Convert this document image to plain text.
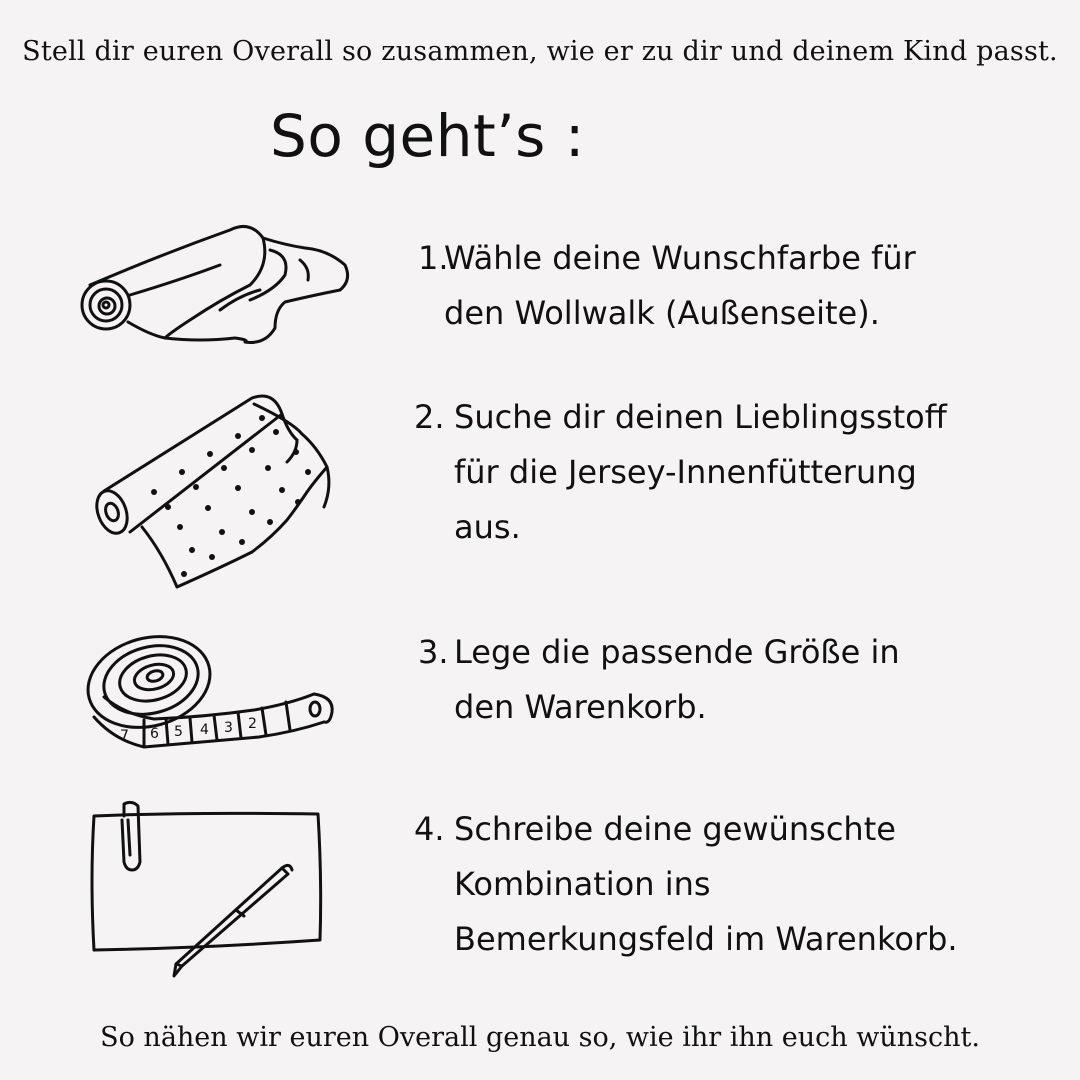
Stell dir euren Overall so zusammen, wie er zu dir und deinem Kind passt.
So geht’s :
1.
Wähle deine Wunschfarbe für
den Wollwalk (Außenseite).
2. Suche dir deinen Lieblingsstoff
für die Jersey-Innenfütterung
aus.
7 6 5 4 3 2
3. Lege die passende Größe in
den Warenkorb.
4. Schreibe deine gewünschte
Kombination ins
Bemerkungsfeld im Warenkorb.
So nähen wir euren Overall genau so, wie ihr ihn euch wünscht.
